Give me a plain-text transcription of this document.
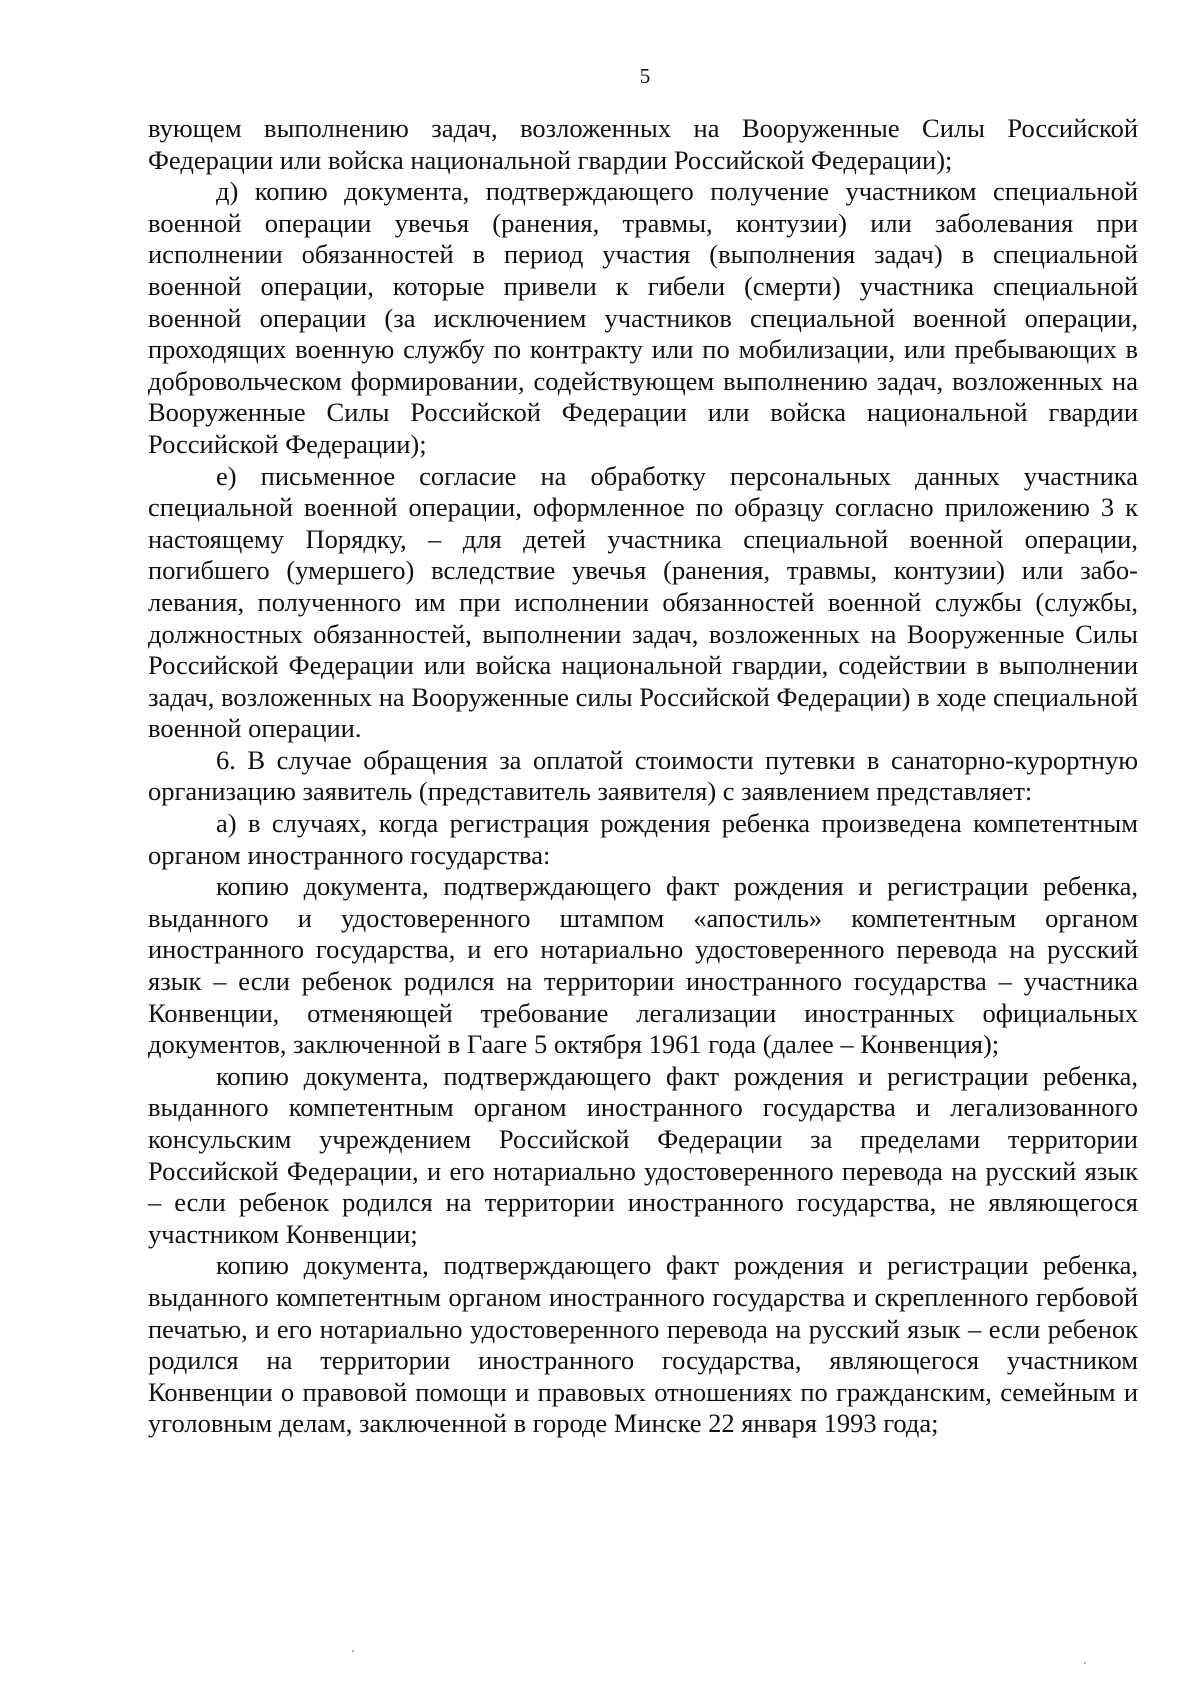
5

вующем выполнению задач, возложенных на Вооруженные Силы Российской Федерации или войска национальной гвардии Российской Федерации);

д) копию документа, подтверждающего получение участником специальной военной операции увечья (ранения, травмы, контузии) или заболевания при исполнении обязанностей в период участия (выполнения задач) в специальной военной операции, которые привели к гибели (смерти) участника специальной военной операции (за исключением участников специальной военной операции, проходящих военную службу по контракту или по мобилизации, или пребывающих в добровольческом формировании, содействующем выполнению задач, возложенных на Вооруженные Силы Российской Федерации или войска национальной гвардии Российской Федерации);

е) письменное согласие на обработку персональных данных участника специальной военной операции, оформленное по образцу согласно приложению 3 к настоящему Порядку, – для детей участника специальной военной операции, погибшего (умершего) вследствие увечья (ранения, травмы, контузии) или заболевания, полученного им при исполнении обязанностей военной службы (службы, должностных обязанностей, выполнении задач, возложенных на Вооруженные Силы Российской Федерации или войска национальной гвардии, содействии в выполнении задач, возложенных на Вооруженные силы Российской Федерации) в ходе специальной военной операции.

6. В случае обращения за оплатой стоимости путевки в санаторно-курортную организацию заявитель (представитель заявителя) с заявлением представляет:

а) в случаях, когда регистрация рождения ребенка произведена компетентным органом иностранного государства:

копию документа, подтверждающего факт рождения и регистрации ребенка, выданного и удостоверенного штампом «апостиль» компетентным органом иностранного государства, и его нотариально удостоверенного перевода на русский язык – если ребенок родился на территории иностранного государства – участника Конвенции, отменяющей требование легализации иностранных официальных документов, заключенной в Гааге 5 октября 1961 года (далее – Конвенция);

копию документа, подтверждающего факт рождения и регистрации ребенка, выданного компетентным органом иностранного государства и легализованного консульским учреждением Российской Федерации за пределами территории Российской Федерации, и его нотариально удостоверенного перевода на русский язык – если ребенок родился на территории иностранного государства, не являющегося участником Конвенции;

копию документа, подтверждающего факт рождения и регистрации ребенка, выданного компетентным органом иностранного государства и скрепленного гербовой печатью, и его нотариально удостоверенного перевода на русский язык – если ребенок родился на территории иностранного государства, являющегося участником Конвенции о правовой помощи и правовых отношениях по гражданским, семейным и уголовным делам, заключенной в городе Минске 22 января 1993 года;
